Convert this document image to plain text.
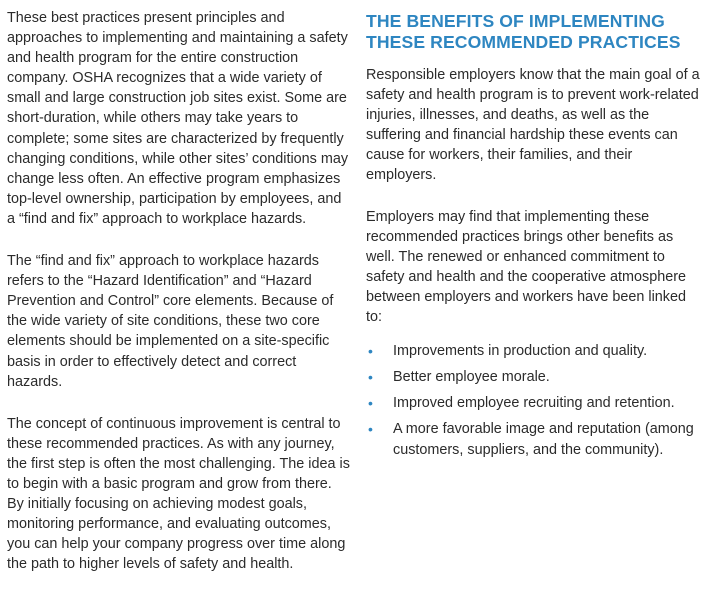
These best practices present principles and approaches to implementing and maintaining a safety and health program for the entire construction company. OSHA recognizes that a wide variety of small and large construction job sites exist. Some are short-duration, while others may take years to complete; some sites are characterized by frequently changing conditions, while other sites’ conditions may change less often. An effective program emphasizes top-level ownership, participation by employees, and a “find and fix” approach to workplace hazards.

The “find and fix” approach to workplace hazards refers to the “Hazard Identification” and “Hazard Prevention and Control” core elements. Because of the wide variety of site conditions, these two core elements should be implemented on a site-specific basis in order to effectively detect and correct hazards.

The concept of continuous improvement is central to these recommended practices. As with any journey, the first step is often the most challenging. The idea is to begin with a basic program and grow from there. By initially focusing on achieving modest goals, monitoring performance, and evaluating outcomes, you can help your company progress over time along the path to higher levels of safety and health.

THE BENEFITS OF IMPLEMENTING THESE RECOMMENDED PRACTICES

Responsible employers know that the main goal of a safety and health program is to prevent work-related injuries, illnesses, and deaths, as well as the suffering and financial hardship these events can cause for workers, their families, and their employers.

Employers may find that implementing these recommended practices brings other benefits as well. The renewed or enhanced commitment to safety and health and the cooperative atmosphere between employers and workers have been linked to:

• Improvements in production and quality.
• Better employee morale.
• Improved employee recruiting and retention.
• A more favorable image and reputation (among customers, suppliers, and the community).
